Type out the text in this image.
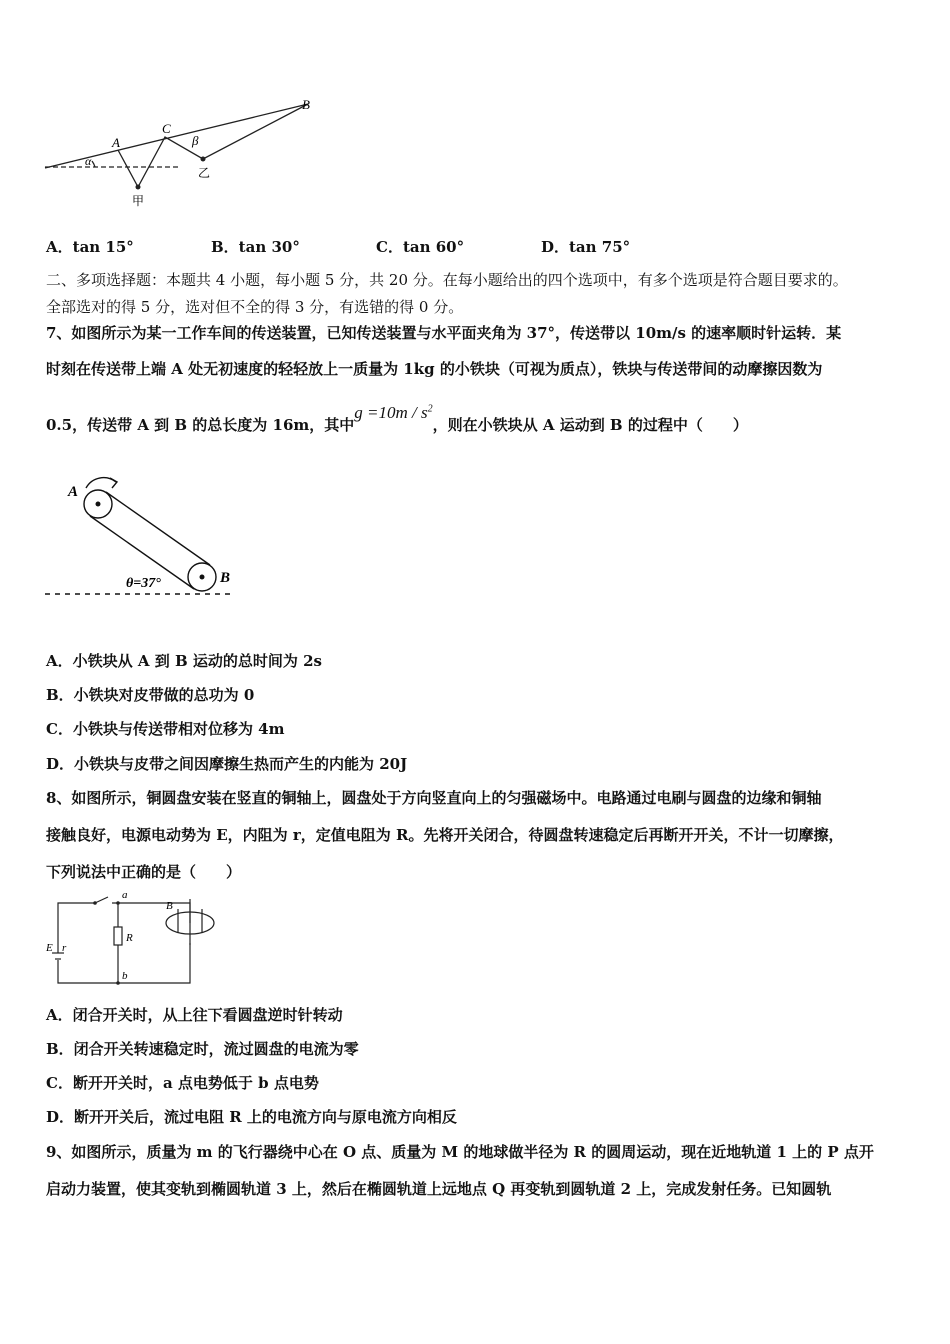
A
C
B
α
β
甲
乙
A．tan 15°	B．tan 30°	C．tan 60°	D．tan 75°
二、多项选择题：本题共 4 小题，每小题 5 分，共 20 分。在每小题给出的四个选项中，有多个选项是符合题目要求的。
全部选对的得 5 分，选对但不全的得 3 分，有选错的得 0 分。
7、如图所示为某一工作车间的传送装置，已知传送装置与水平面夹角为 37°，传送带以 10m/s 的速率顺时针运转．某
时刻在传送带上端 A 处无初速度的轻轻放上一质量为 1kg 的小铁块（可视为质点），铁块与传送带间的动摩擦因数为
0.5，传送带 A 到 B 的总长度为 16m，其中$g =10m / s^2$，则在小铁块从 A 运动到 B 的过程中（　　）
A
B
θ=37°
A．小铁块从 A 到 B 运动的总时间为 2s
B．小铁块对皮带做的总功为 0
C．小铁块与传送带相对位移为 4m
D．小铁块与皮带之间因摩擦生热而产生的内能为 20J
8、如图所示，铜圆盘安装在竖直的铜轴上，圆盘处于方向竖直向上的匀强磁场中。电路通过电刷与圆盘的边缘和铜轴
接触良好，电源电动势为 E，内阻为 r，定值电阻为 R。先将开关闭合，待圆盘转速稳定后再断开开关，不计一切摩擦，
下列说法中正确的是（　　）
a
b
R
E r
B
A．闭合开关时，从上往下看圆盘逆时针转动
B．闭合开关转速稳定时，流过圆盘的电流为零
C．断开开关时，a 点电势低于 b 点电势
D．断开开关后，流过电阻 R 上的电流方向与原电流方向相反
9、如图所示，质量为 m 的飞行器绕中心在 O 点、质量为 M 的地球做半径为 R 的圆周运动，现在近地轨道 1 上的 P 点开
启动力装置，使其变轨到椭圆轨道 3 上，然后在椭圆轨道上远地点 Q 再变轨到圆轨道 2 上，完成发射任务。已知圆轨
